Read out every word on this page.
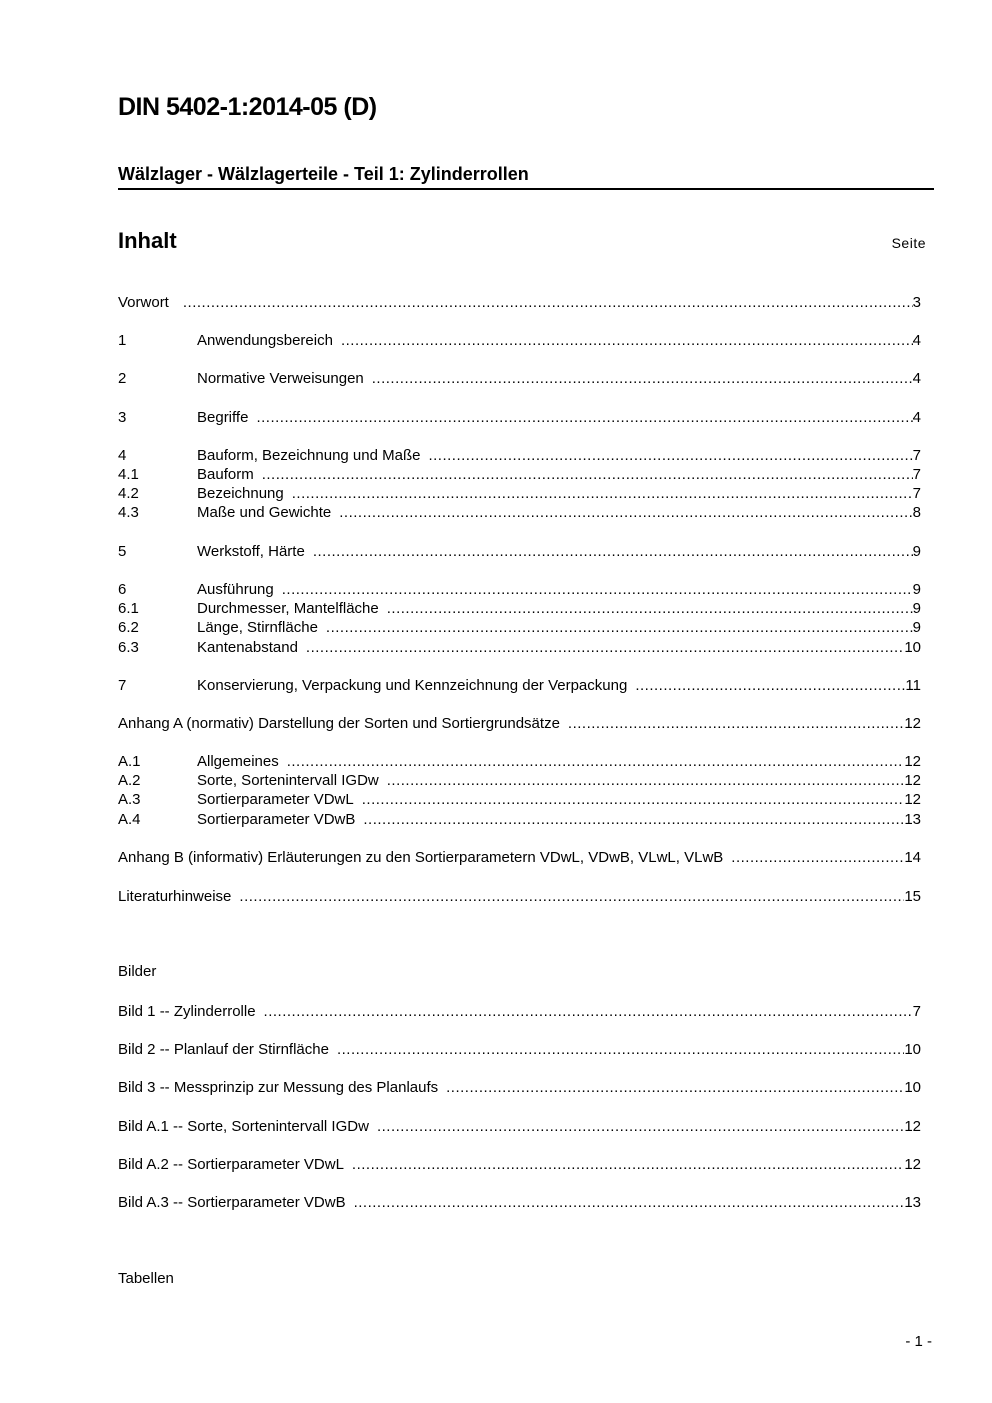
DIN 5402-1:2014-05 (D)
Wälzlager - Wälzlagerteile - Teil 1: Zylinderrollen
Inhalt	Seite
Vorwort .....	3
1	Anwendungsbereich .....	4
2	Normative Verweisungen .....	4
3	Begriffe .....	4
4	Bauform, Bezeichnung und Maße .....	7
4.1	Bauform .....	7
4.2	Bezeichnung .....	7
4.3	Maße und Gewichte .....	8
5	Werkstoff, Härte .....	9
6	Ausführung .....	9
6.1	Durchmesser, Mantelfläche .....	9
6.2	Länge, Stirnfläche .....	9
6.3	Kantenabstand .....	10
7	Konservierung, Verpackung und Kennzeichnung der Verpackung .....	11
Anhang A (normativ) Darstellung der Sorten und Sortiergrundsätze .....	12
A.1	Allgemeines .....	12
A.2	Sorte, Sortenintervall IGDw .....	12
A.3	Sortierparameter VDwL .....	12
A.4	Sortierparameter VDwB .....	13
Anhang B (informativ) Erläuterungen zu den Sortierparametern VDwL, VDwB, VLwL, VLwB .....	14
Literaturhinweise .....	15
Bilder
Bild 1 -- Zylinderrolle .....	7
Bild 2 -- Planlauf der Stirnfläche .....	10
Bild 3 -- Messprinzip zur Messung des Planlaufs .....	10
Bild A.1 -- Sorte, Sortenintervall IGDw .....	12
Bild A.2 -- Sortierparameter VDwL .....	12
Bild A.3 -- Sortierparameter VDwB .....	13
Tabellen
- 1 -
